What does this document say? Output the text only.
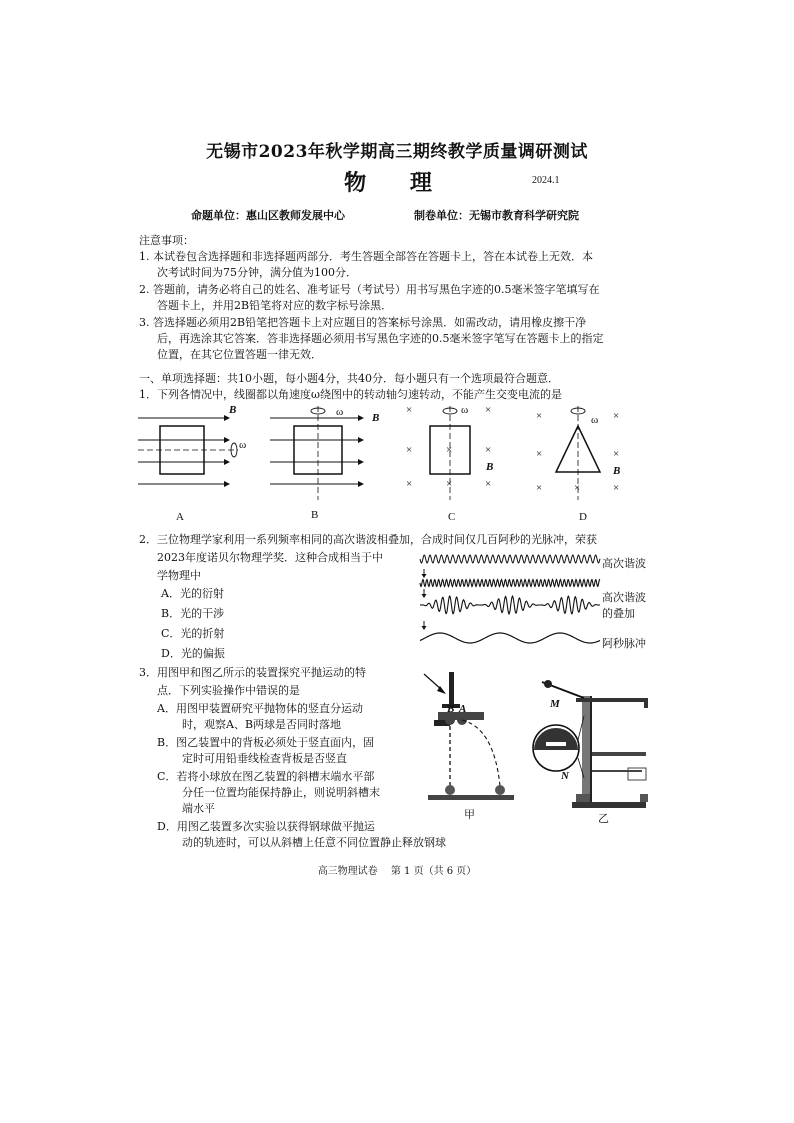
无锡市2023年秋学期高三期终教学质量调研测试
物 理	2024.1
命题单位：惠山区教师发展中心	制卷单位：无锡市教育科学研究院
注意事项：
1. 本试卷包含选择题和非选择题两部分．考生答题全部答在答题卡上，答在本试卷上无效．本
次考试时间为75分钟，满分值为100分．
2. 答题前，请务必将自己的姓名、准考证号（考试号）用书写黑色字迹的0.5毫米签字笔填写在
答题卡上，并用2B铅笔将对应的数字标号涂黑．
3. 答选择题必须用2B铅笔把答题卡上对应题目的答案标号涂黑．如需改动，请用橡皮擦干净
后，再选涂其它答案．答非选择题必须用书写黑色字迹的0.5毫米签字笔写在答题卡上的指定
位置，在其它位置答题一律无效．
一、单项选择题：共10小题，每小题4分，共40分．每小题只有一个选项最符合题意．
1．下列各情况中，线圈都以角速度ω绕图中的转动轴匀速转动，不能产生交变电流的是
B
ω
ω	B
×	×
×	×	×
×	×	×
ω
B
×	×
×	×
×	×	×
ω
B
A	B	C	D
2．三位物理学家利用一系列频率相同的高次谐波相叠加，合成时间仅几百阿秒的光脉冲，荣获
2023年度诺贝尔物理学奖．这种合成相当于中
学物理中
A．光的衍射
B．光的干涉
C．光的折射
D．光的偏振
高次谐波
高次谐波
的叠加
阿秒脉冲
3．用图甲和图乙所示的装置探究平抛运动的特
点．下列实验操作中错误的是
A．用图甲装置研究平抛物体的竖直分运动
时，观察A、B两球是否同时落地
B．图乙装置中的背板必须处于竖直面内，固
定时可用铅垂线检查背板是否竖直
C．若将小球放在图乙装置的斜槽末端水平部
分任一位置均能保持静止，则说明斜槽末
端水平
D．用图乙装置多次实验以获得钢球做平抛运
动的轨迹时，可以从斜槽上任意不同位置静止释放钢球
B A
甲
M
N
乙
高三物理试卷　 第 1 页（共 6 页）
